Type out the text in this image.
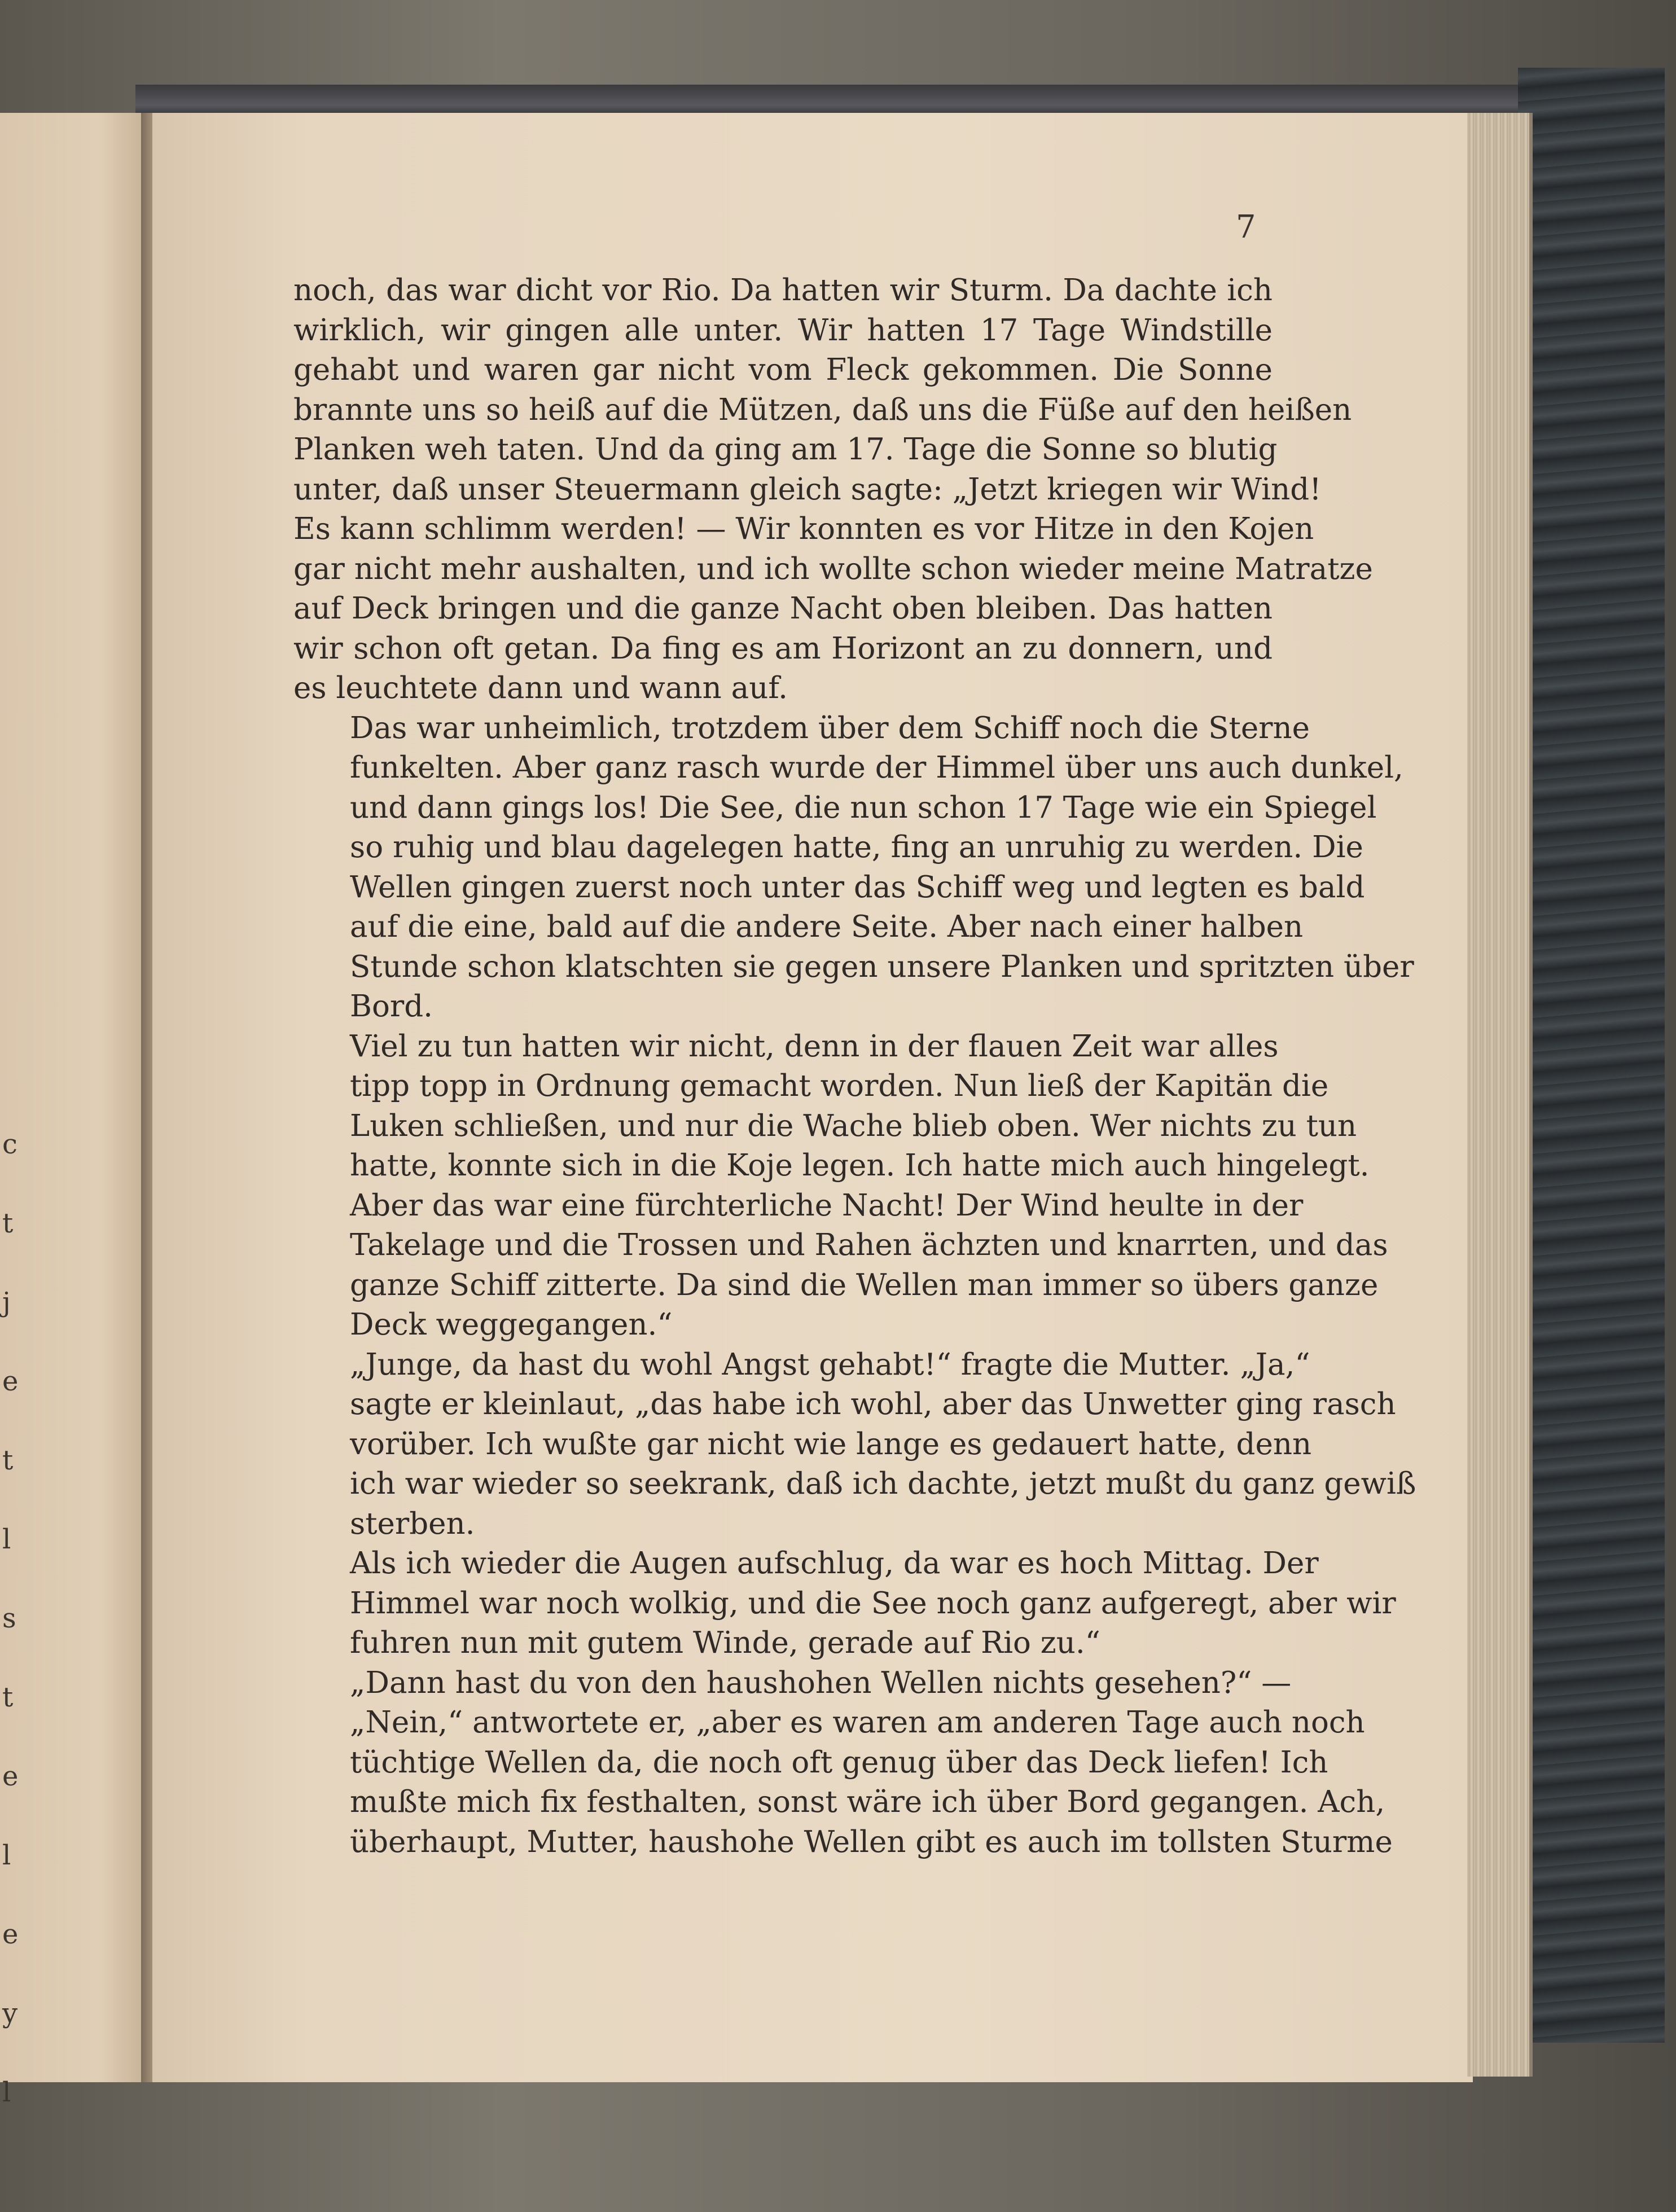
c
t
j
e
t
l
s
t
e
l
e
y
l
7

noch, das war dicht vor Rio. Da hatten wir Sturm. Da dachte ich
wirklich, wir gingen alle unter. Wir hatten 17 Tage Windstille
gehabt und waren gar nicht vom Fleck gekommen. Die Sonne
brannte uns so heiß auf die Mützen, daß uns die Füße auf den heißen
Planken weh taten. Und da ging am 17. Tage die Sonne so blutig
unter, daß unser Steuermann gleich sagte: „Jetzt kriegen wir Wind!
Es kann schlimm werden! — Wir konnten es vor Hitze in den Kojen
gar nicht mehr aushalten, und ich wollte schon wieder meine Matratze
auf Deck bringen und die ganze Nacht oben bleiben. Das hatten
wir schon oft getan. Da fing es am Horizont an zu donnern, und
es leuchtete dann und wann auf.

Das war unheimlich, trotzdem über dem Schiff noch die Sterne
funkelten. Aber ganz rasch wurde der Himmel über uns auch dunkel,
und dann gings los! Die See, die nun schon 17 Tage wie ein Spiegel
so ruhig und blau dagelegen hatte, fing an unruhig zu werden. Die
Wellen gingen zuerst noch unter das Schiff weg und legten es bald
auf die eine, bald auf die andere Seite. Aber nach einer halben
Stunde schon klatschten sie gegen unsere Planken und spritzten über
Bord.

Viel zu tun hatten wir nicht, denn in der flauen Zeit war alles
tipp topp in Ordnung gemacht worden. Nun ließ der Kapitän die
Luken schließen, und nur die Wache blieb oben. Wer nichts zu tun
hatte, konnte sich in die Koje legen. Ich hatte mich auch hingelegt.
Aber das war eine fürchterliche Nacht! Der Wind heulte in der
Takelage und die Trossen und Rahen ächzten und knarrten, und das
ganze Schiff zitterte. Da sind die Wellen man immer so übers ganze
Deck weggegangen.“

„Junge, da hast du wohl Angst gehabt!“ fragte die Mutter. „Ja,“
sagte er kleinlaut, „das habe ich wohl, aber das Unwetter ging rasch
vorüber. Ich wußte gar nicht wie lange es gedauert hatte, denn
ich war wieder so seekrank, daß ich dachte, jetzt mußt du ganz gewiß
sterben.

Als ich wieder die Augen aufschlug, da war es hoch Mittag. Der
Himmel war noch wolkig, und die See noch ganz aufgeregt, aber wir
fuhren nun mit gutem Winde, gerade auf Rio zu.“

„Dann hast du von den haushohen Wellen nichts gesehen?“ —
„Nein,“ antwortete er, „aber es waren am anderen Tage auch noch
tüchtige Wellen da, die noch oft genug über das Deck liefen! Ich
mußte mich fix festhalten, sonst wäre ich über Bord gegangen. Ach,
überhaupt, Mutter, haushohe Wellen gibt es auch im tollsten Sturme
